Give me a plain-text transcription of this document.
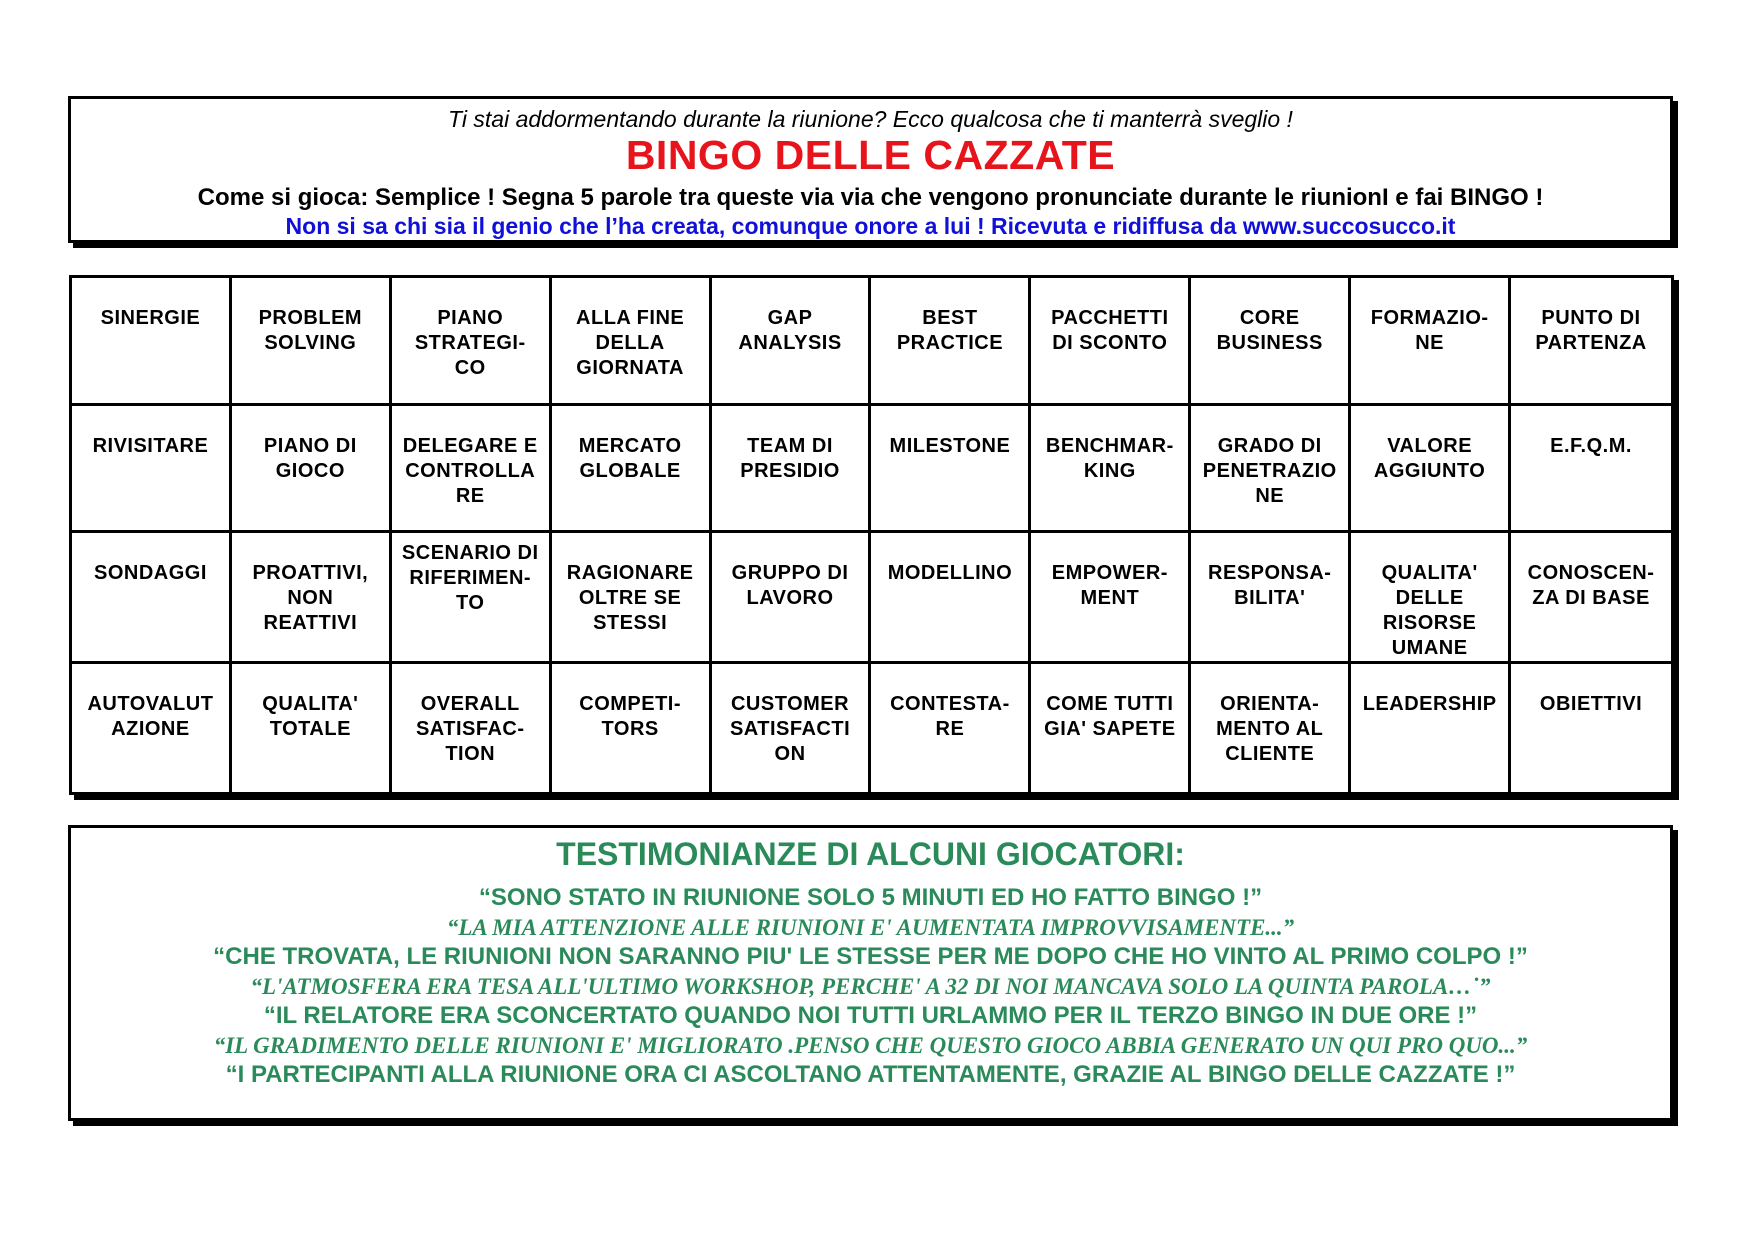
Ti stai addormentando durante la riunione? Ecco qualcosa che ti manterrà sveglio !
BINGO DELLE CAZZATE
Come si gioca: Semplice ! Segna 5 parole tra queste via via che vengono pronunciate durante le riunionI e fai BINGO !
Non si sa chi sia il genio che l’ha creata, comunque onore a lui ! Ricevuta e ridiffusa da www.succosucco.it
SINERGIE	PROBLEM
SOLVING
PIANO
STRATEGI-
CO
ALLA FINE
DELLA
GIORNATA
GAP
ANALYSIS
BEST
PRACTICE
PACCHETTI
DI SCONTO
CORE
BUSINESS
FORMAZIO-
NE
PUNTO DI
PARTENZA
RIVISITARE	PIANO DI
GIOCO
DELEGARE E
CONTROLLA
RE
MERCATO
GLOBALE
TEAM DI
PRESIDIO
MILESTONE BENCHMAR-
KING
GRADO DI
PENETRAZIO
NE
VALORE
AGGIUNTO
E.F.Q.M.
SONDAGGI PROATTIVI,
NON
REATTIVI
SCENARIO DI
RIFERIMEN-
TO
RAGIONARE
OLTRE SE
STESSI
GRUPPO DI
LAVORO
MODELLINO EMPOWER-
MENT
RESPONSA-
BILITA'
QUALITA'
DELLE
RISORSE
UMANE
CONOSCEN-
ZA DI BASE
AUTOVALUT
AZIONE
QUALITA'
TOTALE
OVERALL
SATISFAC-
TION
COMPETI-
TORS
CUSTOMER
SATISFACTI
ON
CONTESTA-
RE
COME TUTTI
GIA' SAPETE
ORIENTA-
MENTO AL
CLIENTE
LEADERSHIP OBIETTIVI
TESTIMONIANZE DI ALCUNI GIOCATORI:
“SONO STATO IN RIUNIONE SOLO 5 MINUTI ED HO FATTO BINGO !”
“LA MIA ATTENZIONE ALLE RIUNIONI E' AUMENTATA IMPROVVISAMENTE...”
“CHE TROVATA, LE RIUNIONI NON SARANNO PIU' LE STESSE PER ME DOPO CHE HO VINTO AL PRIMO COLPO !”
“L'ATMOSFERA ERA TESA ALL'ULTIMO WORKSHOP, PERCHE' A 32 DI NOI MANCAVA SOLO LA QUINTA PAROLA…˙”
“IL RELATORE ERA SCONCERTATO QUANDO NOI TUTTI URLAMMO PER IL TERZO BINGO IN DUE ORE !”
“IL GRADIMENTO DELLE RIUNIONI E' MIGLIORATO .PENSO CHE QUESTO GIOCO ABBIA GENERATO UN QUI PRO QUO...”
“I PARTECIPANTI ALLA RIUNIONE ORA CI ASCOLTANO ATTENTAMENTE, GRAZIE AL BINGO DELLE CAZZATE !”
